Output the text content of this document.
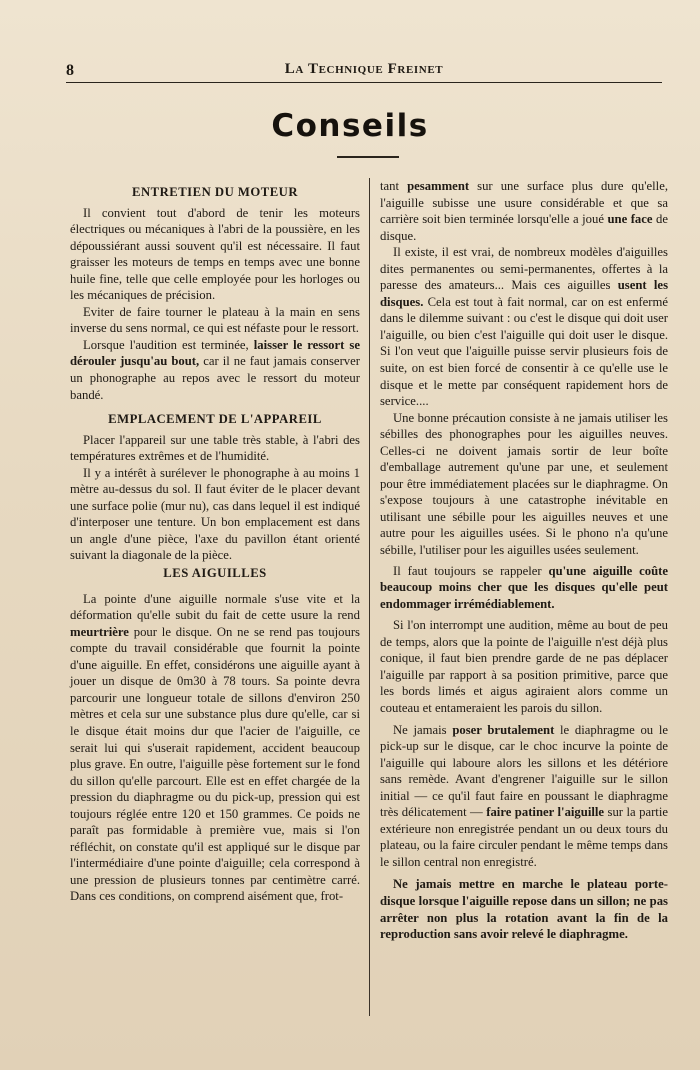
8	La Technique Freinet
Conseils
ENTRETIEN DU MOTEUR

Il convient tout d'abord de tenir les moteurs électriques ou mécaniques à l'abri de la poussière, en les dépoussiérant aussi souvent qu'il est nécessaire. Il faut graisser les moteurs de temps en temps avec une bonne huile fine, telle que celle employée pour les horloges ou les mécaniques de précision.

Eviter de faire tourner le plateau à la main en sens inverse du sens normal, ce qui est néfaste pour le ressort.

Lorsque l'audition est terminée, laisser le ressort se dérouler jusqu'au bout, car il ne faut jamais conserver un phonographe au repos avec le ressort du moteur bandé.

EMPLACEMENT DE L'APPAREIL

Placer l'appareil sur une table très stable, à l'abri des températures extrêmes et de l'humidité.

Il y a intérêt à surélever le phonographe à au moins 1 mètre au-dessus du sol. Il faut éviter de le placer devant une surface polie (mur nu), cas dans lequel il est indiqué d'interposer une tenture. Un bon emplacement est dans un angle d'une pièce, l'axe du pavillon étant orienté suivant la diagonale de la pièce.

LES AIGUILLES

La pointe d'une aiguille normale s'use vite et la déformation qu'elle subit du fait de cette usure la rend meurtrière pour le disque. On ne se rend pas toujours compte du travail considérable que fournit la pointe d'une aiguille. En effet, considérons une aiguille ayant à jouer un disque de 0m30 à 78 tours. Sa pointe devra parcourir une longueur totale de sillons d'environ 250 mètres et cela sur une substance plus dure qu'elle, car si le disque était moins dur que l'acier de l'aiguille, ce serait lui qui s'userait rapidement, accident beaucoup plus grave. En outre, l'aiguille pèse fortement sur le fond du sillon qu'elle parcourt. Elle est en effet chargée de la pression du diaphragme ou du pick-up, pression qui est toujours réglée entre 120 et 150 grammes. Ce poids ne paraît pas formidable à première vue, mais si l'on réfléchit, on constate qu'il est appliqué sur le disque par l'intermédiaire d'une pointe d'aiguille; cela correspond à une pression de plusieurs tonnes par centimètre carré. Dans ces conditions, on comprend aisément que, frot-

tant pesamment sur une surface plus dure qu'elle, l'aiguille subisse une usure considérable et que sa carrière soit bien terminée lorsqu'elle a joué une face de disque.

Il existe, il est vrai, de nombreux modèles d'aiguilles dites permanentes ou semi-permanentes, offertes à la paresse des amateurs... Mais ces aiguilles usent les disques. Cela est tout à fait normal, car on est enfermé dans le dilemme suivant : ou c'est le disque qui doit user l'aiguille, ou bien c'est l'aiguille qui doit user le disque. Si l'on veut que l'aiguille puisse servir plusieurs fois de suite, on est bien forcé de consentir à ce qu'elle use le disque et le mette par conséquent rapidement hors de service....

Une bonne précaution consiste à ne jamais utiliser les sébilles des phonographes pour les aiguilles neuves. Celles-ci ne doivent jamais sortir de leur boîte d'emballage autrement qu'une par une, et seulement pour être immédiatement placées sur le diaphragme. On s'expose toujours à une catastrophe inévitable en utilisant une sébille pour les aiguilles neuves et une autre pour les aiguilles usées. Si le phono n'a qu'une sébille, l'utiliser pour les aiguilles usées seulement.

Il faut toujours se rappeler qu'une aiguille coûte beaucoup moins cher que les disques qu'elle peut endommager irrémédiablement.

Si l'on interrompt une audition, même au bout de peu de temps, alors que la pointe de l'aiguille n'est déjà plus conique, il faut bien prendre garde de ne pas déplacer l'aiguille par rapport à sa position primitive, parce que les bords limés et aigus agiraient alors comme un couteau et entameraient les parois du sillon.

Ne jamais poser brutalement le diaphragme ou le pick-up sur le disque, car le choc incurve la pointe de l'aiguille qui laboure alors les sillons et les détériore sans remède. Avant d'engrener l'aiguille sur le sillon initial — ce qu'il faut faire en poussant le diaphragme très délicatement — faire patiner l'aiguille sur la partie extérieure non enregistrée pendant un ou deux tours du plateau, ou la faire circuler pendant le même temps dans le sillon central non enregistré.

Ne jamais mettre en marche le plateau porte-disque lorsque l'aiguille repose dans un sillon; ne pas arrêter non plus la rotation avant la fin de la reproduction sans avoir relevé le diaphragme.
